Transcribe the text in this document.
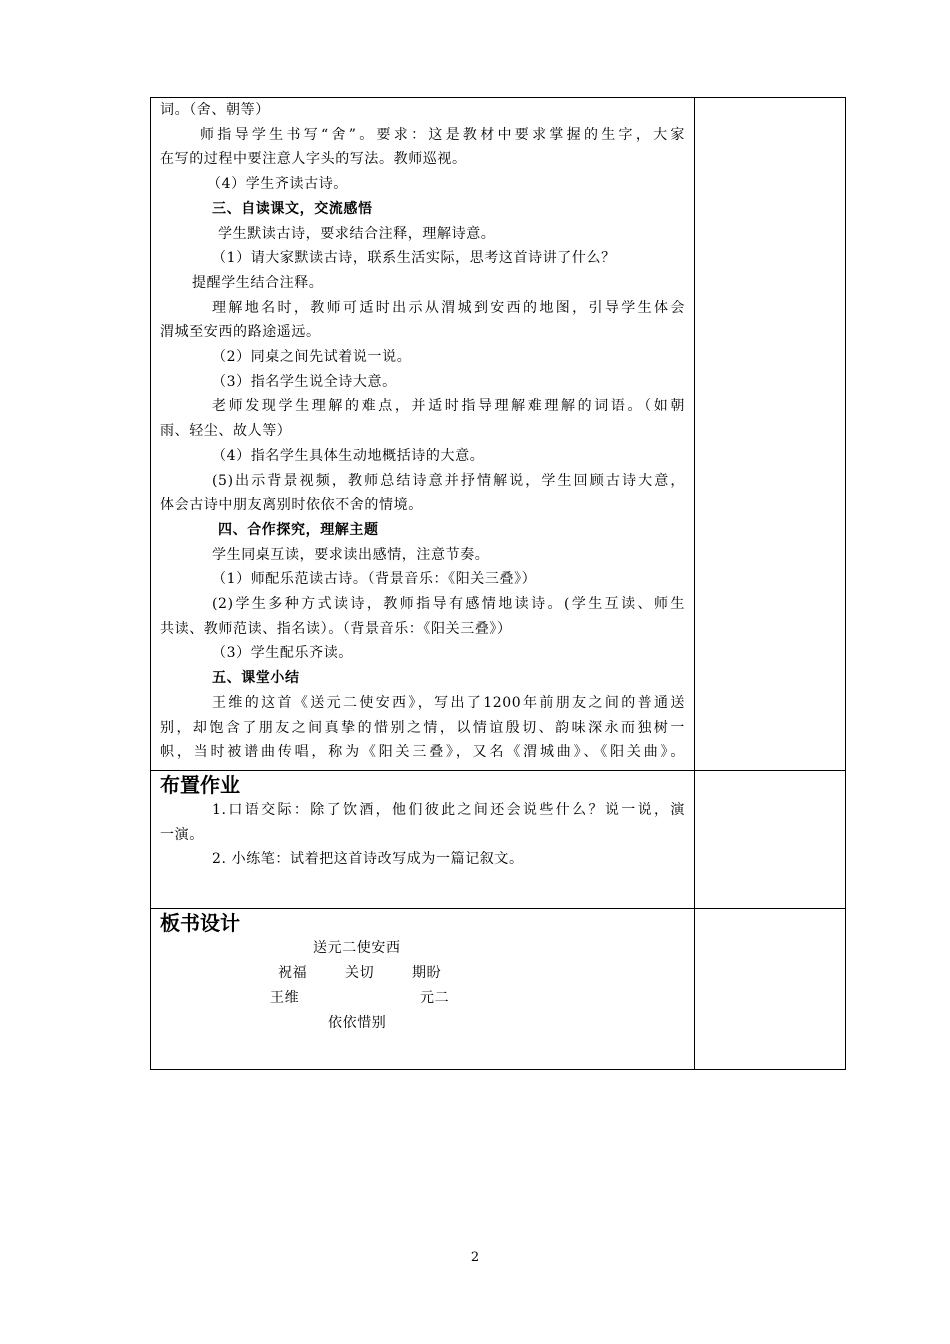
词。（舍、朝等）
师指导学生书写“舍”。要求：这是教材中要求掌握的生字，大家
在写的过程中要注意人字头的写法。教师巡视。
（4）学生齐读古诗。
三、自读课文，交流感悟
学生默读古诗，要求结合注释，理解诗意。
（1）请大家默读古诗，联系生活实际，思考这首诗讲了什么？
提醒学生结合注释。
理解地名时，教师可适时出示从渭城到安西的地图，引导学生体会
渭城至安西的路途遥远。
（2）同桌之间先试着说一说。
（3）指名学生说全诗大意。
老师发现学生理解的难点，并适时指导理解难理解的词语。（如朝
雨、轻尘、故人等）
（4）指名学生具体生动地概括诗的大意。
(5)出示背景视频，教师总结诗意并抒情解说，学生回顾古诗大意，
体会古诗中朋友离别时依依不舍的情境。
四、合作探究，理解主题
学生同桌互读，要求读出感情，注意节奏。
（1）师配乐范读古诗。（背景音乐：《阳关三叠》）
(2)学生多种方式读诗，教师指导有感情地读诗。(学生互读、师生
共读、教师范读、指名读）。（背景音乐：《阳关三叠》）
（3）学生配乐齐读。
五、课堂小结
王维的这首《送元二使安西》，写出了1200年前朋友之间的普通送
别，却饱含了朋友之间真挚的惜别之情，以情谊殷切、韵味深永而独树一
帜，当时被谱曲传唱，称为《阳关三叠》，又名《渭城曲》、《阳关曲》。
布置作业
1.口语交际：除了饮酒，他们彼此之间还会说些什么？说一说，演
一演。
2. 小练笔：试着把这首诗改写成为一篇记叙文。
板书设计
送元二使安西
祝福	关切	期盼
王维	元二
依依惜别
2
